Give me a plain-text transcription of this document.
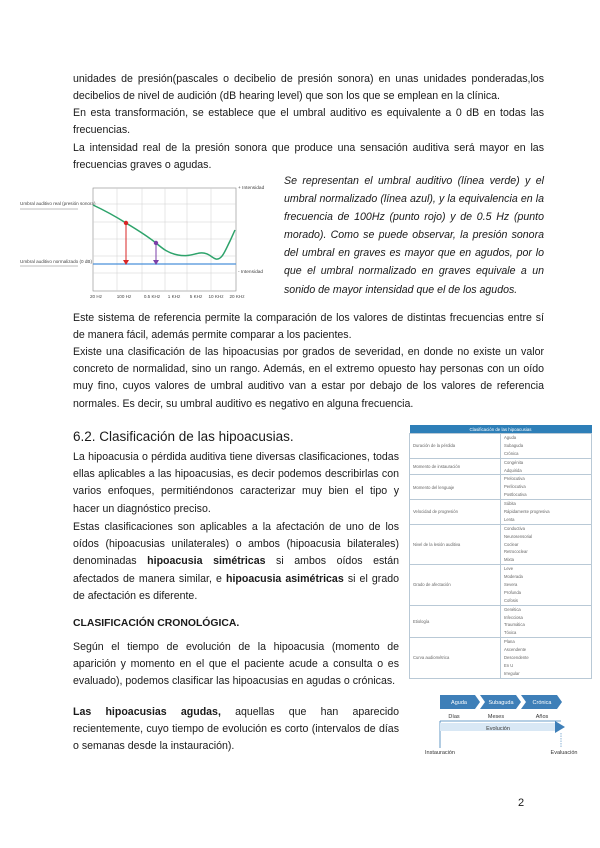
unidades de presión(pascales o decibelio de presión sonora) en unas unidades ponderadas,los decibelios de nivel de audición (dB hearing level) que son los que se emplean en la clínica.

En esta transformación, se establece que el umbral auditivo es equivalente a 0 dB en todas las frecuencias.

La intensidad real de la presión sonora que produce una sensación auditiva será mayor en las frecuencias graves o agudas.

Umbral auditivo real (presión sonora)
Umbral auditivo normalizado (0 dB)
+ Intensidad
- Intensidad
20 Hz	100 Hz	0.5 KHz 1 KHz 5 KHz 10 KHz 20 KHz

Se representan el umbral auditivo (línea verde) y el umbral normalizado (línea azul), y la equivalencia en la frecuencia de 100Hz (punto rojo) y de 0.5 Hz (punto morado). Como se puede observar, la presión sonora del umbral en graves es mayor que en agudos, por lo que el umbral normalizado en graves equivale a un sonido de mayor intensidad que el de los agudos.

Este sistema de referencia permite la comparación de los valores de distintas frecuencias entre sí de manera fácil, además permite comparar a los pacientes.

Existe una clasificación de las hipoacusias por grados de severidad, en donde no existe un valor concreto de normalidad, sino un rango. Además, en el extremo opuesto hay personas con un oído muy fino, cuyos valores de umbral auditivo van a estar por debajo de los valores de referencia normales. Es decir, su umbral auditivo es negativo en alguna frecuencia.

6.2. Clasificación de las hipoacusias.

La hipoacusia o pérdida auditiva tiene diversas clasificaciones, todas ellas aplicables a las hipoacusias, es decir podemos describirlas con varios enfoques, permitiéndonos caracterizar muy bien el tipo y hacer un diagnóstico preciso.

Estas clasificaciones son aplicables a la afectación de uno de los oídos (hipoacusias unilaterales) o ambos (hipoacusia bilaterales) denominadas hipoacusia simétricas si ambos oídos están afectados de manera similar, e hipoacusia asimétricas si el grado de afectación es diferente.

CLASIFICACIÓN CRONOLÓGICA.

Según el tiempo de evolución de la hipoacusia (momento de aparición y momento en el que el paciente acude a consulta o es evaluado), podemos clasificar las hipoacusias en agudas o crónicas.

Las hipoacusias agudas, aquellas que han aparecido recientemente, cuyo tiempo de evolución es corto (intervalos de días o semanas desde la instauración).

Clasificación de las hipoacusias	
Duración de la pérdida	Aguda
Subaguda
Crónica

Momento de instauración	Congénita
Adquirida

Momento del lenguaje	Prelocutiva
Perilocutiva
Postlocutiva

Velocidad de progresión	Súbita
Rápidamente progresiva
Lenta

Nivel de la lesión auditiva	Conductiva
Neurosensorial
Coclear
Retrococlear
Mixta

Grado de afectación	Leve
Moderada
Severa
Profunda
Cofosis

Etiología	Genética
Infecciosa
Traumática
Tóxica

Curva audiométrica	Plana
Ascendente
Descendente
En U
Irregular
Aguda	Subaguda	Crónica
Días	Meses	Años
Evolución
Instauración	Evaluación

2
